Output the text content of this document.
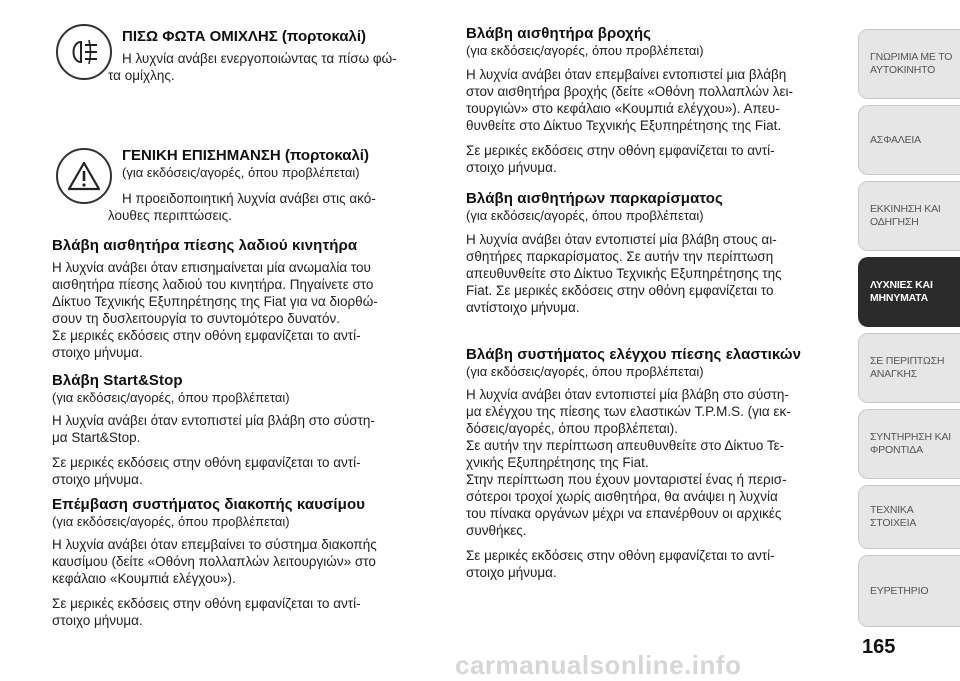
ΠΙΣΩ ΦΩΤΑ ΟΜΙΧΛΗΣ (πορτοκαλί)
Η λυχνία ανάβει ενεργοποιώντας τα πίσω φώ-
τα ομίχλης.
ΓΕΝΙΚΗ ΕΠΙΣΗΜΑΝΣΗ (πορτοκαλί)
(για εκδόσεις/αγορές, όπου προβλέπεται)
Η προειδοποιητική λυχνία ανάβει στις ακό-
λουθες περιπτώσεις.
Βλάβη αισθητήρα πίεσης λαδιού κινητήρα
Η λυχνία ανάβει όταν επισημαίνεται μία ανωμαλία του
αισθητήρα πίεσης λαδιού του κινητήρα. Πηγαίνετε στο
Δίκτυο Τεχνικής Εξυπηρέτησης της Fiat για να διορθώ-
σουν τη δυσλειτουργία το συντομότερο δυνατόν.
Σε μερικές εκδόσεις στην οθόνη εμφανίζεται το αντί-
στοιχο μήνυμα.
Βλάβη Start&Stop
(για εκδόσεις/αγορές, όπου προβλέπεται)
Η λυχνία ανάβει όταν εντοπιστεί μία βλάβη στο σύστη-
μα Start&Stop.
Σε μερικές εκδόσεις στην οθόνη εμφανίζεται το αντί-
στοιχο μήνυμα.
Επέμβαση συστήματος διακοπής καυσίμου
(για εκδόσεις/αγορές, όπου προβλέπεται)
Η λυχνία ανάβει όταν επεμβαίνει το σύστημα διακοπής
καυσίμου (δείτε «Οθόνη πολλαπλών λειτουργιών» στο
κεφάλαιο «Κουμπιά ελέγχου»).
Σε μερικές εκδόσεις στην οθόνη εμφανίζεται το αντί-
στοιχο μήνυμα.
Βλάβη αισθητήρα βροχής
(για εκδόσεις/αγορές, όπου προβλέπεται)
Η λυχνία ανάβει όταν επεμβαίνει εντοπιστεί μια βλάβη
στον αισθητήρα βροχής (δείτε «Οθόνη πολλαπλών λει-
τουργιών» στο κεφάλαιο «Κουμπιά ελέγχου»). Απευ-
θυνθείτε στο Δίκτυο Τεχνικής Εξυπηρέτησης της Fiat.
Σε μερικές εκδόσεις στην οθόνη εμφανίζεται το αντί-
στοιχο μήνυμα.
Βλάβη αισθητήρων παρκαρίσματος
(για εκδόσεις/αγορές, όπου προβλέπεται)
Η λυχνία ανάβει όταν εντοπιστεί μία βλάβη στους αι-
σθητήρες παρκαρίσματος. Σε αυτήν την περίπτωση
απευθυνθείτε στο Δίκτυο Τεχνικής Εξυπηρέτησης της
Fiat. Σε μερικές εκδόσεις στην οθόνη εμφανίζεται το
αντίστοιχο μήνυμα.
Βλάβη συστήματος ελέγχου πίεσης ελαστικών
(για εκδόσεις/αγορές, όπου προβλέπεται)
Η λυχνία ανάβει όταν εντοπιστεί μία βλάβη στο σύστη-
μα ελέγχου της πίεσης των ελαστικών T.P.M.S. (για εκ-
δόσεις/αγορές, όπου προβλέπεται).
Σε αυτήν την περίπτωση απευθυνθείτε στο Δίκτυο Τε-
χνικής Εξυπηρέτησης της Fiat.
Στην περίπτωση που έχουν μονταριστεί ένας ή περισ-
σότεροι τροχοί χωρίς αισθητήρα, θα ανάψει η λυχνία
του πίνακα οργάνων μέχρι να επανέρθουν οι αρχικές
συνθήκες.
Σε μερικές εκδόσεις στην οθόνη εμφανίζεται το αντί-
στοιχο μήνυμα.
ΓΝΩΡΙΜΙΑ ΜΕ ΤΟ
ΑΥΤΟΚΙΝΗΤΟ
ΑΣΦΑΛΕΙΑ
ΕΚΚΙΝΗΣΗ ΚΑΙ
ΟΔΗΓΗΣΗ
ΛΥΧΝΙΕΣ ΚΑΙ
ΜΗΝΥΜΑΤΑ
ΣΕ ΠΕΡΙΠΤΩΣΗ
ΑΝΑΓΚΗΣ
ΣΥΝΤΗΡΗΣΗ ΚΑΙ
ΦΡΟΝΤΙΔΑ
ΤΕΧΝΙΚΑ ΣΤΟΙΧΕΙΑ
ΕΥΡΕΤΗΡΙΟ
165
carmanualsonline.info
